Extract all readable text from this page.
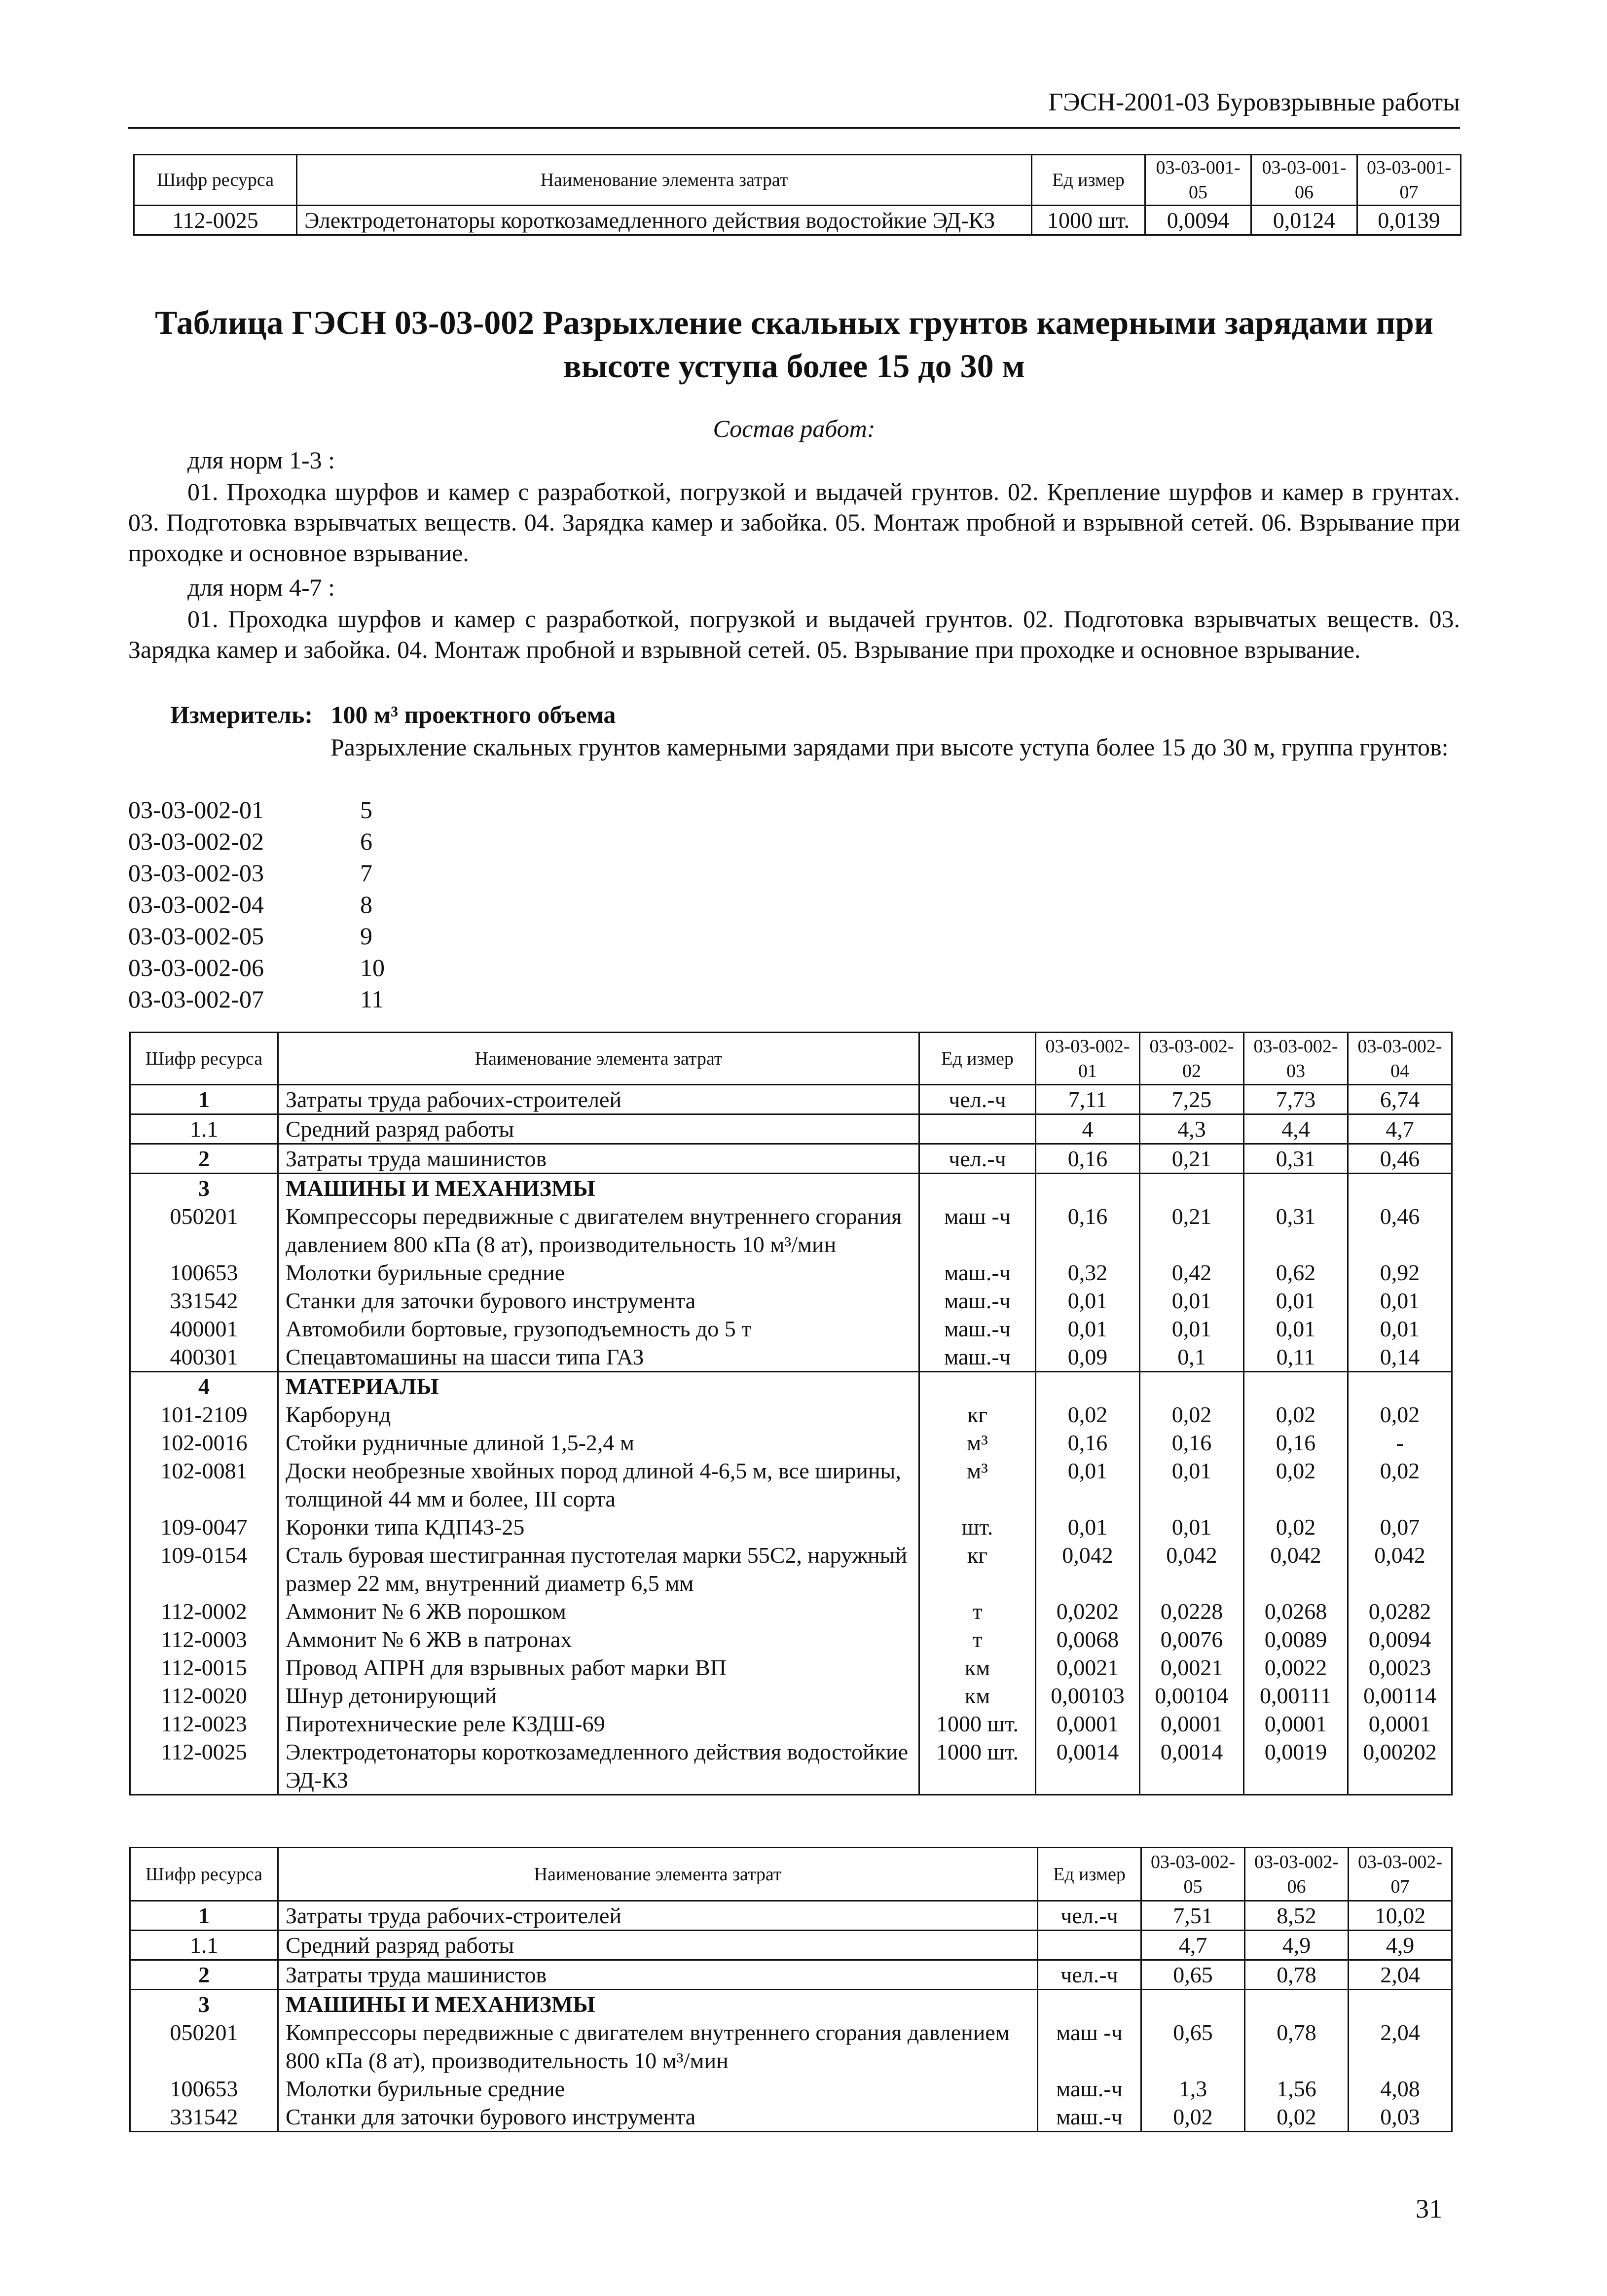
ГЭСН-2001-03 Буровзрывные работы
Шифр ресурса	Наименование элемента затрат	Ед измер	03-03-001-05	03-03-001-06	03-03-001-07
112-0025	Электродетонаторы короткозамедленного действия водостойкие ЭД-КЗ	1000 шт.	0,0094	0,0124	0,0139
Таблица ГЭСН 03-03-002 Разрыхление скальных грунтов камерными зарядами при высоте уступа более 15 до 30 м
Состав работ:
для норм 1-3 :
01. Проходка шурфов и камер с разработкой, погрузкой и выдачей грунтов. 02. Крепление шурфов и камер в грунтах. 03. Подготовка взрывчатых веществ. 04. Зарядка камер и забойка. 05. Монтаж пробной и взрывной сетей. 06. Взрывание при проходке и основное взрывание.
для норм 4-7 :
01. Проходка шурфов и камер с разработкой, погрузкой и выдачей грунтов. 02. Подготовка взрывчатых веществ. 03. Зарядка камер и забойка. 04. Монтаж пробной и взрывной сетей. 05. Взрывание при проходке и основное взрывание.
Измеритель: 100 м³ проектного объема
Разрыхление скальных грунтов камерными зарядами при высоте уступа более 15 до 30 м, группа грунтов:
03-03-002-01	5
03-03-002-02	6
03-03-002-03	7
03-03-002-04	8
03-03-002-05	9
03-03-002-06	10
03-03-002-07	11
Шифр ресурса	Наименование элемента затрат	Ед измер	03-03-002-01	03-03-002-02	03-03-002-03	03-03-002-04
1	Затраты труда рабочих-строителей	чел.-ч	7,11	7,25	7,73	6,74
1.1	Средний разряд работы		4	4,3	4,4	4,7
2	Затраты труда машинистов	чел.-ч	0,16	0,21	0,31	0,46
3	МАШИНЫ И МЕХАНИЗМЫ					
050201	Компрессоры передвижные с двигателем внутреннего сгорания давлением 800 кПа (8 ат), производительность 10 м³/мин	маш -ч	0,16	0,21	0,31	0,46
100653	Молотки бурильные средние	маш.-ч	0,32	0,42	0,62	0,92
331542	Станки для заточки бурового инструмента	маш.-ч	0,01	0,01	0,01	0,01
400001	Автомобили бортовые, грузоподъемность до 5 т	маш.-ч	0,01	0,01	0,01	0,01
400301	Спецавтомашины на шасси типа ГАЗ	маш.-ч	0,09	0,1	0,11	0,14
4	МАТЕРИАЛЫ					
101-2109	Карборунд	кг	0,02	0,02	0,02	0,02
102-0016	Стойки рудничные длиной 1,5-2,4 м	м³	0,16	0,16	0,16	-
102-0081	Доски необрезные хвойных пород длиной 4-6,5 м, все ширины, толщиной 44 мм и более, III сорта	м³	0,01	0,01	0,02	0,02
109-0047	Коронки типа КДП43-25	шт.	0,01	0,01	0,02	0,07
109-0154	Сталь буровая шестигранная пустотелая марки 55С2, наружный размер 22 мм, внутренний диаметр 6,5 мм	кг	0,042	0,042	0,042	0,042
112-0002	Аммонит № 6 ЖВ порошком	т	0,0202	0,0228	0,0268	0,0282
112-0003	Аммонит № 6 ЖВ в патронах	т	0,0068	0,0076	0,0089	0,0094
112-0015	Провод АПРН для взрывных работ марки ВП	км	0,0021	0,0021	0,0022	0,0023
112-0020	Шнур детонирующий	км	0,00103	0,00104	0,00111	0,00114
112-0023	Пиротехнические реле КЗДШ-69	1000 шт.	0,0001	0,0001	0,0001	0,0001
112-0025	Электродетонаторы короткозамедленного действия водостойкие ЭД-КЗ	1000 шт.	0,0014	0,0014	0,0019	0,00202
Шифр ресурса	Наименование элемента затрат	Ед измер	03-03-002-05	03-03-002-06	03-03-002-07
1	Затраты труда рабочих-строителей	чел.-ч	7,51	8,52	10,02
1.1	Средний разряд работы		4,7	4,9	4,9
2	Затраты труда машинистов	чел.-ч	0,65	0,78	2,04
3	МАШИНЫ И МЕХАНИЗМЫ				
050201	Компрессоры передвижные с двигателем внутреннего сгорания давлением 800 кПа (8 ат), производительность 10 м³/мин	маш -ч	0,65	0,78	2,04
100653	Молотки бурильные средние	маш.-ч	1,3	1,56	4,08
331542	Станки для заточки бурового инструмента	маш.-ч	0,02	0,02	0,03
31
